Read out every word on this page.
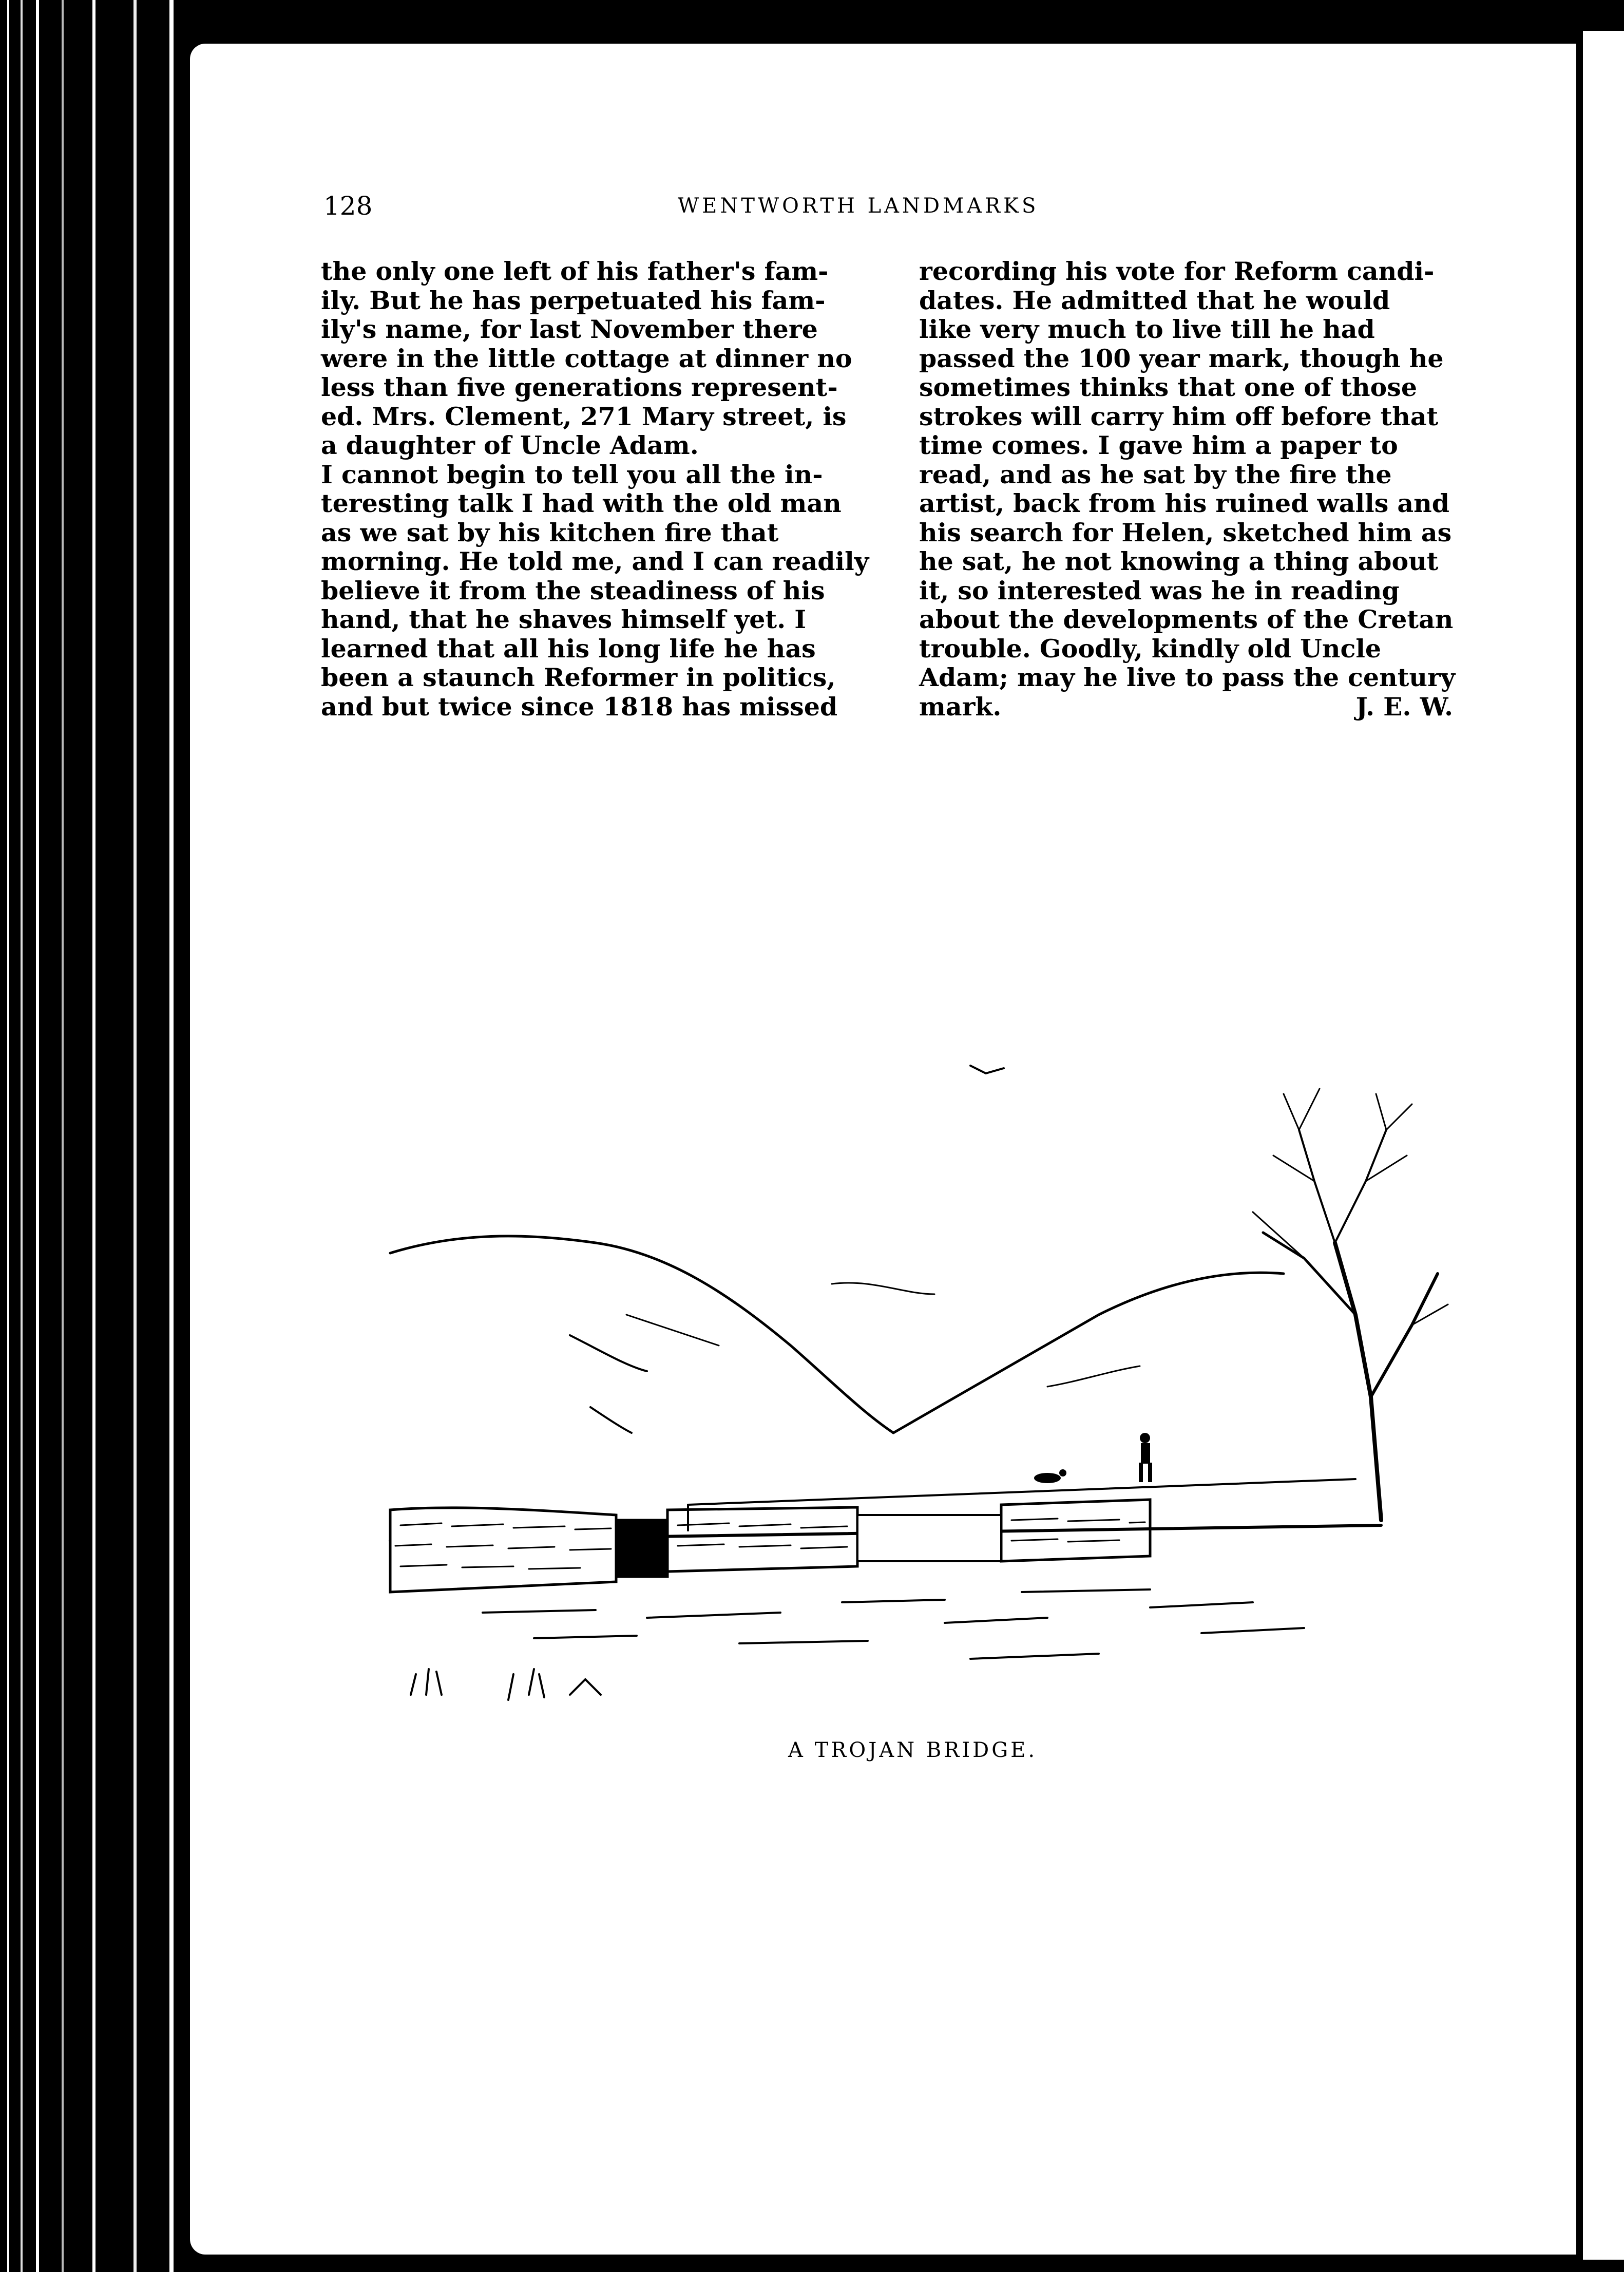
128	WENTWORTH LANDMARKS

the only one left of his father's fam-
ily. But he has perpetuated his fam-
ily's name, for last November there
were in the little cottage at dinner no
less than five generations represent-
ed. Mrs. Clement, 271 Mary street, is
a daughter of Uncle Adam.

I cannot begin to tell you all the in-
teresting talk I had with the old man
as we sat by his kitchen fire that
morning. He told me, and I can readily
believe it from the steadiness of his
hand, that he shaves himself yet. I
learned that all his long life he has
been a staunch Reformer in politics,
and but twice since 1818 has missed

recording his vote for Reform candi-
dates. He admitted that he would
like very much to live till he had
passed the 100 year mark, though he
sometimes thinks that one of those
strokes will carry him off before that
time comes. I gave him a paper to
read, and as he sat by the fire the
artist, back from his ruined walls and
his search for Helen, sketched him as
he sat, he not knowing a thing about
it, so interested was he in reading
about the developments of the Cretan
trouble. Goodly, kindly old Uncle
Adam; may he live to pass the century
mark.	J. E. W.
A TROJAN BRIDGE.
